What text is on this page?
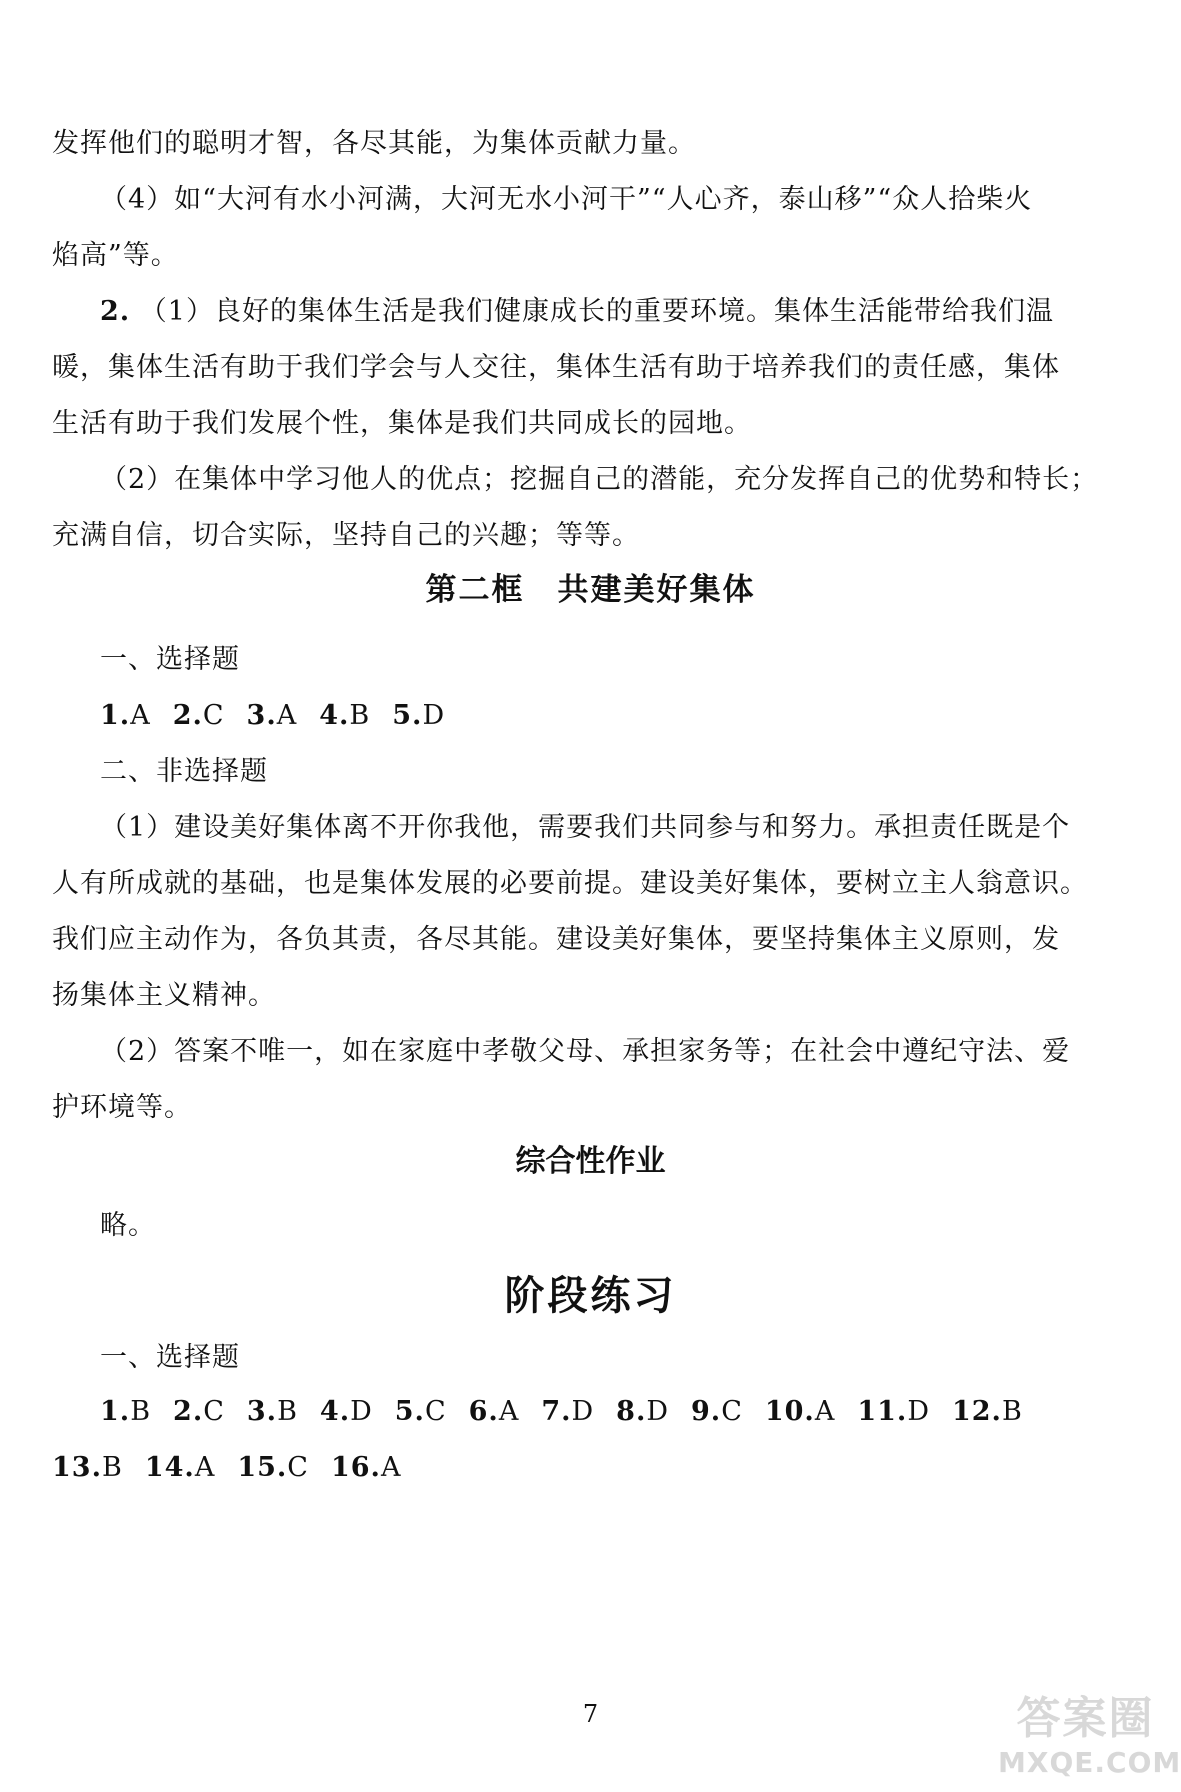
发挥他们的聪明才智，各尽其能，为集体贡献力量。
（4）如“大河有水小河满，大河无水小河干”“人心齐，泰山移”“众人拾柴火
焰高”等。
2. （1）良好的集体生活是我们健康成长的重要环境。集体生活能带给我们温
暖，集体生活有助于我们学会与人交往，集体生活有助于培养我们的责任感，集体
生活有助于我们发展个性，集体是我们共同成长的园地。
（2）在集体中学习他人的优点；挖掘自己的潜能，充分发挥自己的优势和特长；
充满自信，切合实际，坚持自己的兴趣；等等。
第二框　共建美好集体
一、选择题
1.A 2.C 3.A 4.B 5.D
二、非选择题
（1）建设美好集体离不开你我他，需要我们共同参与和努力。承担责任既是个
人有所成就的基础，也是集体发展的必要前提。建设美好集体，要树立主人翁意识。
我们应主动作为，各负其责，各尽其能。建设美好集体，要坚持集体主义原则，发
扬集体主义精神。
（2）答案不唯一，如在家庭中孝敬父母、承担家务等；在社会中遵纪守法、爱
护环境等。
综合性作业
略。
阶段练习
一、选择题
1.B 2.C 3.B 4.D 5.C 6.A 7.D 8.D 9.C 10.A 11.D 12.B
13.B 14.A 15.C 16.A
7	答案圈
MXQE.COM
